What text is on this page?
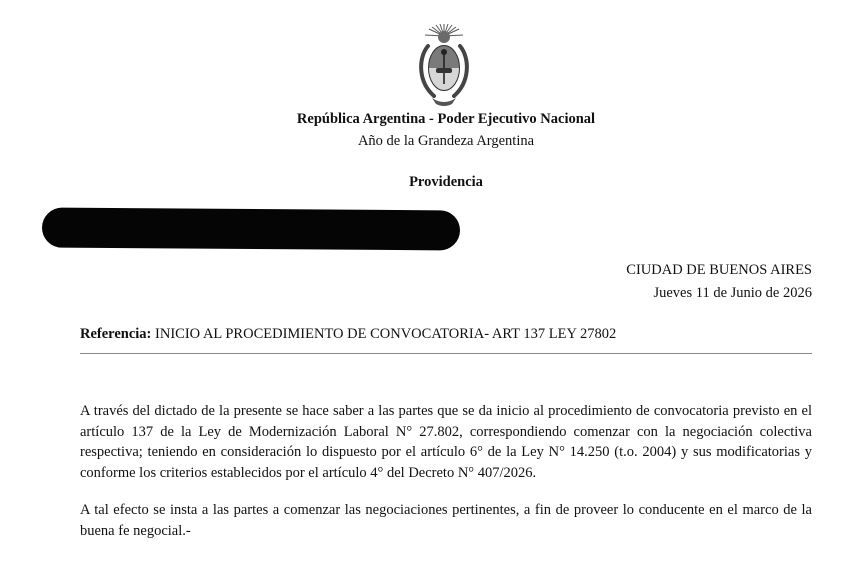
República Argentina - Poder Ejecutivo Nacional
Año de la Grandeza Argentina
Providencia
CIUDAD DE BUENOS AIRES
Jueves 11 de Junio de 2026
Referencia: INICIO AL PROCEDIMIENTO DE CONVOCATORIA- ART 137 LEY 27802

A través del dictado de la presente se hace saber a las partes que se da inicio al procedimiento de convocatoria previsto en el artículo 137 de la Ley de Modernización Laboral N° 27.802, correspondiendo comenzar con la negociación colectiva respectiva; teniendo en consideración lo dispuesto por el artículo 6° de la Ley N° 14.250 (t.o. 2004) y sus modificatorias y conforme los criterios establecidos por el artículo 4° del Decreto N° 407/2026.

A tal efecto se insta a las partes a comenzar las negociaciones pertinentes, a fin de proveer lo conducente en el marco de la buena fe negocial.-
